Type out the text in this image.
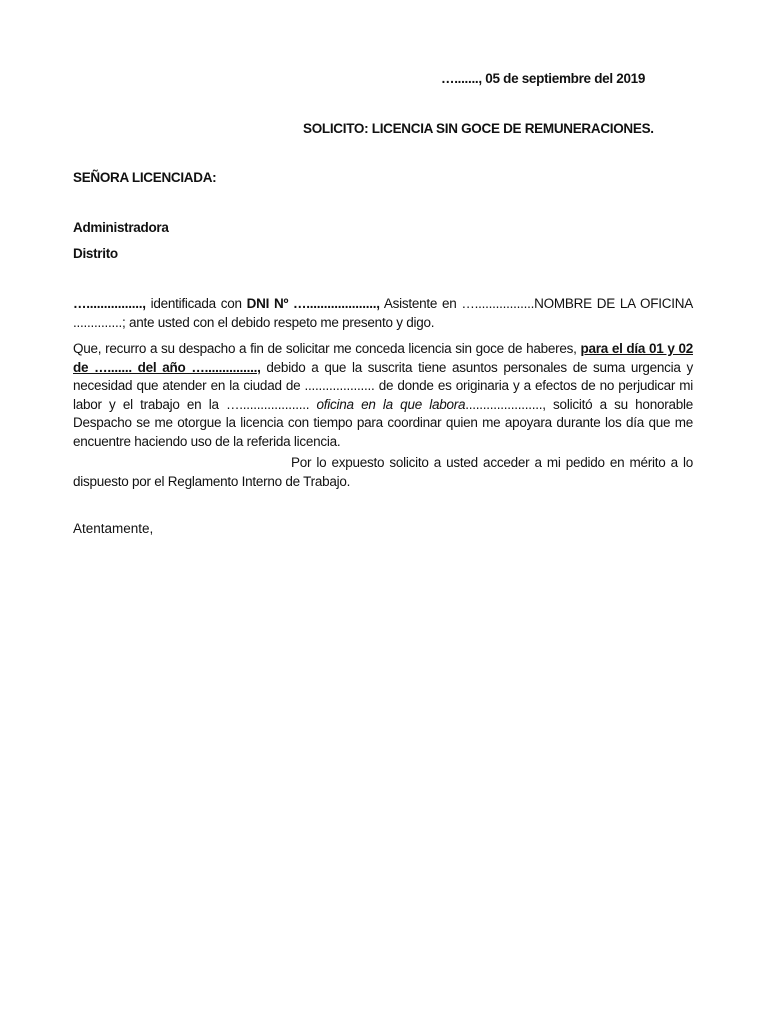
…......., 05 de septiembre del 2019
SOLICITO: LICENCIA SIN GOCE DE REMUNERACIONES.
SEÑORA LICENCIADA:
Administradora
Distrito
…................, identificada con DNI Nº …...................., Asistente en ….................NOMBRE DE LA OFICINA ..............; ante usted con el debido respeto me presento y digo.
Que, recurro a su despacho a fin de solicitar me conceda licencia sin goce de haberes, para el día 01 y 02 de …....... del año …..............., debido a que la suscrita tiene asuntos personales de suma urgencia y necesidad que atender en la ciudad de .................... de donde es originaria y a efectos de no perjudicar mi labor y el trabajo en la ….................... oficina en la que labora......................, solicitó a su honorable Despacho se me otorgue la licencia con tiempo para coordinar quien me apoyara durante los día que me encuentre haciendo uso de la referida licencia.
Por lo expuesto solicito a usted acceder a mi pedido en mérito a lo dispuesto por el Reglamento Interno de Trabajo.
Atentamente,
